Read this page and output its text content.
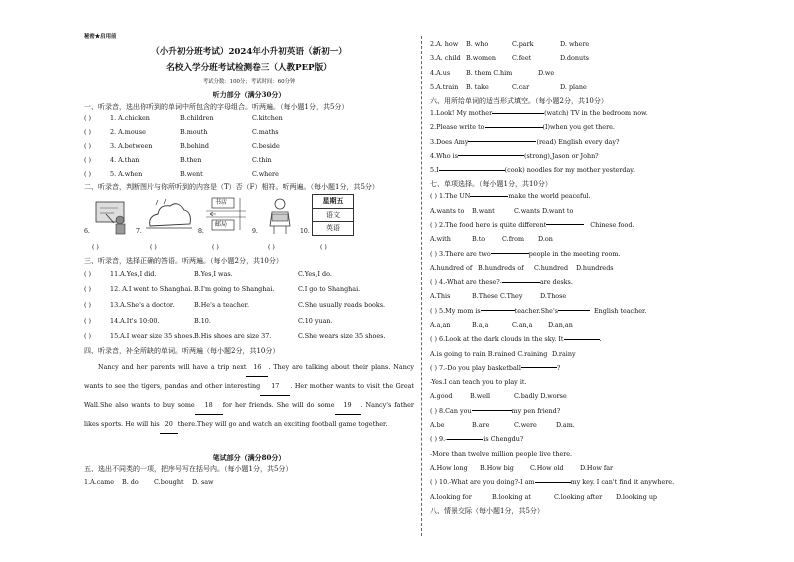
秘密★启用前
（小升初分班考试）2024年小升初英语（新初一）
名校入学分班考试检测卷三（人教PEP版）
考试分数：100分；考试时间：60分钟
听力部分（满分30分）
一、听录音，选出你听到的单词中所包含的字母组合。听两遍。（每小题1分，共5分）
( )	1. A.chicken	B.children	C.kitchen
( )	2. A.mouse	B.mouth	C.maths
( )	3. A.between	B.behind	C.beside
( )	4. A.than	B.then	C.thin
( )	5. A.when	B.went	C.where
二、听录音，判断图片与你所听到的内容是（T）否（F）相符。听两遍。（每小题1分，共5分）
6.	7.	8.
书店
邮局
9.	10.
星期五
语文
英语
( )	( )	( )	( )	( )
三、听录音，选择正确的答语。听两遍。（每小题2分，共10分）
( )	11.A.Yes,I did.	B.Yes,I was.	C.Yes,I do.
( )	12. A.I went to Shanghai. B.I'm going to Shanghai.	C.I go to Shanghai.
( )	13.A.She's a doctor.	B.He's a teacher.	C.She usually reads books.
( )	14.A.It's 10:00.	B.10.	C.10 yuan.
( )	15.A.I wear size 35 shoes. B.His shoes are size 37.	C.She wears size 35 shoes.
四、听录音，补全所缺的单词。听两遍（每小题2分，共10分）
Nancy and her parents will have a trip next 16 . They are talking about their plans. Nancy wants to see the tigers, pandas and other interesting 17 . Her mother wants to visit the Great Wall.She also wants to buy some 18 for her friends. She will do some 19 . Nancy's father likes sports. He will his 20 there.They will go and watch an exciting football game together.
笔试部分（满分80分）
五、选出不同类的一项，把序号写在括号内。（每小题1分，共5分）
1.A.came	B. do	C.bought	D. saw
2.A. how	B. who	C.park	D. where
3.A. child B.women	C.feet	D.donuts
4.A.us	B. them C.him	D.we
5.A.train	B. take	C.car	D. plane
六、用所给单词的适当形式填空。（每小题2分，共10分）
1.Look! My mother	(watch) TV in the bedroom now.
2.Please write to	(I)when you get there.
3.Does Amy	(read) English every day?
4.Who is	(strong),Jason or John?
5.I	(cook) noodles for my mother yesterday.
七、单项选择。（每小题1分，共10分）
( ) 1.The UN	make the world peaceful.
A.wants to	B.want	C.wants D.want to
( ) 2.The food here is quite different	Chinese food.
A.with	B.to	C.from	D.on
( ) 3.There are two	people in the meeting room.
A.hundred of B.hundreds of	C.hundred	D.hundreds
( ) 4.-What are these?-	are desks.
A.This	B.These C.They	D.Those
( ) 5.My mom is	teacher.She's	English teacher.
A.a,an	B.a,a	C.an,a	D.an,an
( ) 6.Look at the dark clouds in the sky. It	.
A.is going to rain B.rained C.raining D.rainy
( ) 7.-Do you play basketball	?
-Yes.I can teach you to play it.
A.good	B.well	C.badly D.worse
( ) 8.Can you	my pen friend?
A.be	B.are	C.were	D.am.
( ) 9.-	is Chengdu?
-More than twelve million people live there.
A.How long	B.How big	C.How old	D.How far
( ) 10.-What are you doing?-I am	my key. I can't find it anywhere.
A.looking for	B.looking at	C.looking after	D.looking up
八、情景交际（每小题1分，共5分）
